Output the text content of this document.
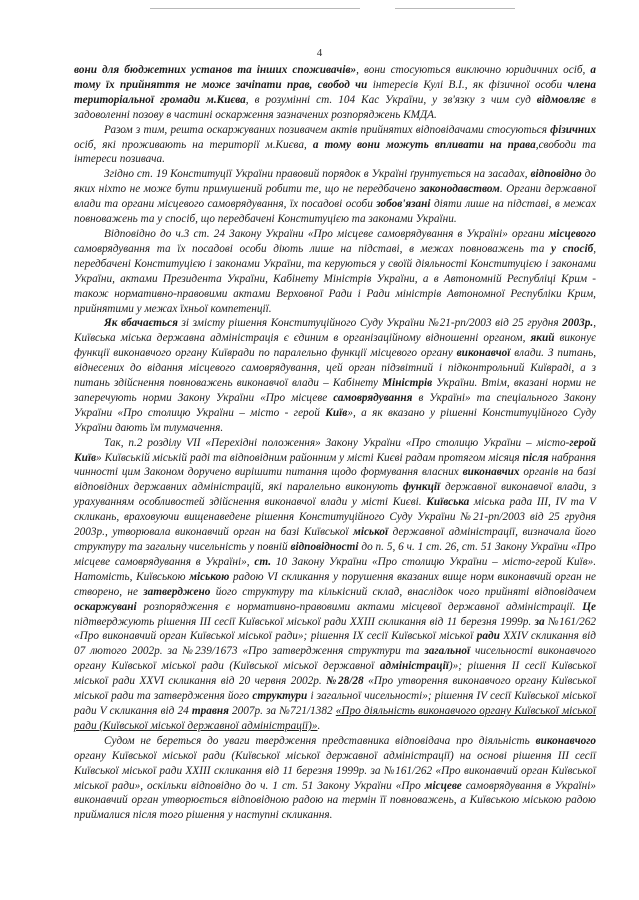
4

вони для бюджетних установ та інших споживачів», вони стосуються виключно юридичних осіб, а тому їх прийняття не може зачіпати прав, свобод чи інтересів Кулі В.І., як фізичної особи члена територіальної громади м.Києва, в розумінні ст. 104 Кас України, у зв'язку з чим суд відмовляє в задоволенні позову в частині оскарження зазначених розпоряджень КМДА.

Разом з тим, решта оскаржуваних позивачем актів прийнятих відповідачами стосуються фізичних осіб, які проживають на території м.Києва, а тому вони можуть впливати на права,свободи та інтереси позивача.

Згідно ст. 19 Конституції України правовий порядок в Україні ґрунтується на засадах, відповідно до яких ніхто не може бути примушений робити те, що не передбачено законодавством. Органи державної влади та органи місцевого самоврядування, їх посадові особи зобов'язані діяти лише на підставі, в межах повноважень та у спосіб, що передбачені Конституцією та законами України.

Відповідно до ч.3 ст. 24 Закону України «Про місцеве самоврядування в Україні» органи місцевого самоврядування та їх посадові особи діють лише на підставі, в межах повноважень та у спосіб, передбачені Конституцією і законами України, та керуються у своїй діяльності Конституцією і законами України, актами Президента України, Кабінету Міністрів України, а в Автономній Республіці Крим - також нормативно-правовими актами Верховної Ради і Ради міністрів Автономної Республіки Крим, прийнятими у межах їхньої компетенції.

Як вбачається зі змісту рішення Конституційного Суду України №21-рп/2003 від 25 грудня 2003р., Київська міська державна адміністрація є єдиним в організаційному відношенні органом, який виконує функції виконавчого органу Київради по паралельно функції місцевого органу виконавчої влади. З питань, віднесених до відання місцевого самоврядування, цей орган підзвітний і підконтрольний Київраді, а з питань здійснення повноважень виконавчої влади – Кабінету Міністрів України. Втім, вказані норми не заперечують норми Закону України «Про місцеве самоврядування в Україні» та спеціального Закону України «Про столицю України – місто - герой Київ», а як вказано у рішенні Конституційного Суду України дають їм тлумачення.

Так, п.2 розділу VII «Перехідні положення» Закону України «Про столицю України – місто-герой Київ» Київській міській раді та відповідним районним у місті Києві радам протягом місяця після набрання чинності цим Законом доручено вирішити питання щодо формування власних виконавчих органів на базі відповідних державних адміністрацій, які паралельно виконують функції державної виконавчої влади, з урахуванням особливостей здійснення виконавчої влади у місті Києві. Київська міська рада ІІІ, IV та V скликань, враховуючи вищенаведене рішення Конституційного Суду України №21-рп/2003 від 25 грудня 2003р., утворювала виконавчий орган на базі Київської міської державної адміністрації, визначала його структуру та загальну чисельність у повній відповідності до п. 5, 6 ч. 1 ст. 26, ст. 51 Закону України «Про місцеве самоврядування в Україні», ст. 10 Закону України «Про столицю України – місто-герой Київ». Натомість, Київською міською радою VI скликання у порушення вказаних вище норм виконавчий орган не створено, не затверджено його структуру та кількісний склад, внаслідок чого прийняті відповідачем оскаржувані розпорядження є нормативно-правовими актами місцевої державної адміністрації. Це підтверджують рішення ІІІ сесії Київської міської ради ХХІІІ скликання від 11 березня 1999р. за №161/262 «Про виконавчий орган Київської міської ради»; рішення ІХ сесії Київської міської ради ХХІV скликання від 07 лютого 2002р. за №239/1673 «Про затвердження структури та загальної чисельності виконавчого органу Київської міської ради (Київської міської державної адміністрації)»; рішення ІІ сесії Київської міської ради ХХVІ скликання від 20 червня 2002р. №28/28 «Про утворення виконавчого органу Київської міської ради та затвердження його структури і загальної чисельності»; рішення ІV сесії Київської міської ради V скликання від 24 травня 2007р. за №721/1382 «Про діяльність виконавчого органу Київської міської ради (Київської міської державної адміністрації)».

Судом не береться до уваги твердження представника відповідача про діяльність виконавчого органу Київської міської ради (Київської міської державної адміністрації) на основі рішення ІІІ сесії Київської міської ради ХХІІІ скликання від 11 березня 1999р. за №161/262 «Про виконавчий орган Київської міської ради», оскільки відповідно до ч. 1 ст. 51 Закону України «Про місцеве самоврядування в Україні» виконавчий орган утворюється відповідною радою на термін її повноважень, а Київською міською радою приймалися після того рішення у наступні скликання.
